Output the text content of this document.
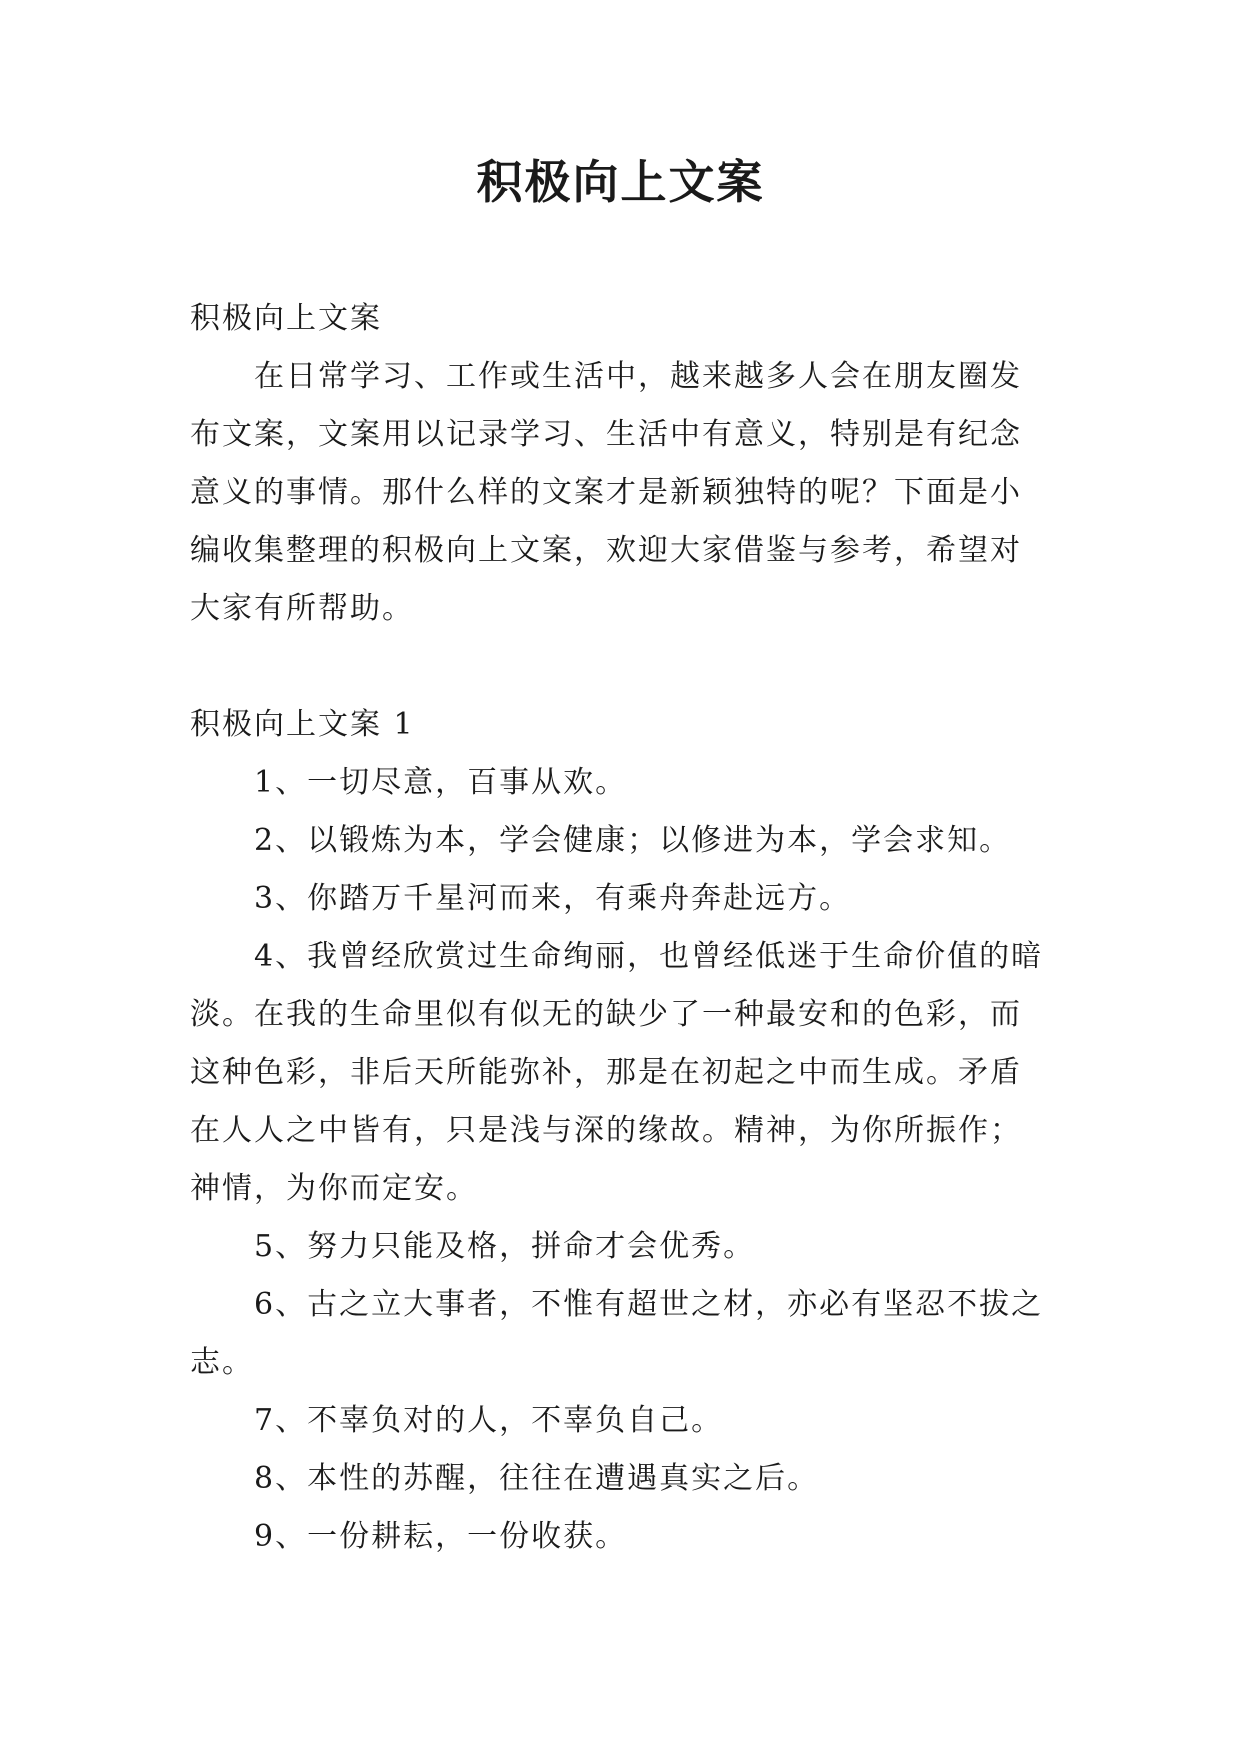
积极向上文案

积极向上文案

在日常学习、工作或生活中，越来越多人会在朋友圈发布文案，文案用以记录学习、生活中有意义，特别是有纪念意义的事情。那什么样的文案才是新颖独特的呢？下面是小编收集整理的积极向上文案，欢迎大家借鉴与参考，希望对大家有所帮助。

积极向上文案 1

1、一切尽意，百事从欢。

2、以锻炼为本，学会健康；以修进为本，学会求知。

3、你踏万千星河而来，有乘舟奔赴远方。

4、我曾经欣赏过生命绚丽，也曾经低迷于生命价值的暗淡。在我的生命里似有似无的缺少了一种最安和的色彩，而这种色彩，非后天所能弥补，那是在初起之中而生成。矛盾在人人之中皆有，只是浅与深的缘故。精神，为你所振作；神情，为你而定安。

5、努力只能及格，拼命才会优秀。

6、古之立大事者，不惟有超世之材，亦必有坚忍不拔之志。

7、不辜负对的人，不辜负自己。

8、本性的苏醒，往往在遭遇真实之后。

9、一份耕耘，一份收获。
